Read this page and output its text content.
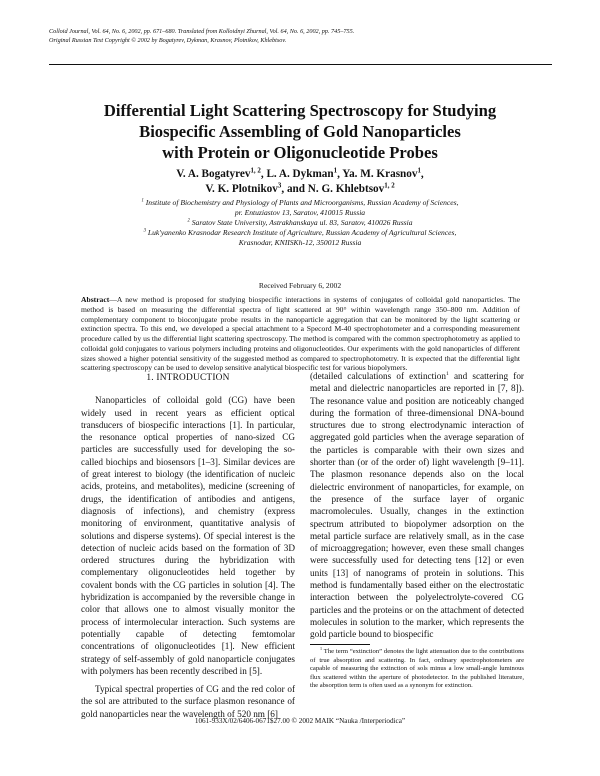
Colloid Journal, Vol. 64, No. 6, 2002, pp. 671–680. Translated from Kolloidnyi Zhurnal, Vol. 64, No. 6, 2002, pp. 745–755.
Original Russian Text Copyright © 2002 by Bogatyrev, Dykman, Krasnov, Plotnikov, Khlebtsov.
Differential Light Scattering Spectroscopy for Studying
Biospecific Assembling of Gold Nanoparticles
with Protein or Oligonucleotide Probes
V. A. Bogatyrev$^{1, 2}$, L. A. Dykman$^1$, Ya. M. Krasnov$^1$,
V. K. Plotnikov$^3$, and N. G. Khlebtsov$^{1, 2}$
$^1$ Institute of Biochemistry and Physiology of Plants and Microorganisms, Russian Academy of Sciences,
pr. Entuziastov 13, Saratov, 410015 Russia
$^2$ Saratov State University, Astrakhanskaya ul. 83, Saratov, 410026 Russia
$^3$ Luk'yanenko Krasnodar Research Institute of Agriculture, Russian Academy of Agricultural Sciences,
Krasnodar, KNIISKh-12, 350012 Russia
Received February 6, 2002
Abstract—A new method is proposed for studying biospecific interactions in systems of conjugates of colloidal gold nanoparticles. The method is based on measuring the differential spectra of light scattered at 90° within wavelength range 350–800 nm. Addition of complementary component to bioconjugate probe results in the nanoparticle aggregation that can be monitored by the light scattering or extinction spectra. To this end, we developed a special attachment to a Specord M-40 spectrophotometer and a corresponding measurement procedure called by us the differential light scattering spectroscopy. The method is compared with the common spectrophotometry as applied to colloidal gold conjugates to various polymers including proteins and oligonucleotides. Our experiments with the gold nanoparticles of different sizes showed a higher potential sensitivity of the suggested method as compared to spectrophotometry. It is expected that the differential light scattering spectroscopy can be used to develop sensitive analytical biospecific test for various biopolymers.
1. INTRODUCTION

Nanoparticles of colloidal gold (CG) have been widely used in recent years as efficient optical transducers of biospecific interactions [1]. In particular, the resonance optical properties of nano-sized CG particles are successfully used for developing the so-called biochips and biosensors [1–3]. Similar devices are of great interest to biology (the identification of nucleic acids, proteins, and metabolites), medicine (screening of drugs, the identification of antibodies and antigens, diagnosis of infections), and chemistry (express monitoring of environment, quantitative analysis of solutions and disperse systems). Of special interest is the detection of nucleic acids based on the formation of 3D ordered structures during the hybridization with complementary oligonucleotides held together by covalent bonds with the CG particles in solution [4]. The hybridization is accompanied by the reversible change in color that allows one to almost visually monitor the process of intermolecular interaction. Such systems are potentially capable of detecting femtomolar concentrations of oligonucleotides [1]. New efficient strategy of self-assembly of gold nanoparticle conjugates with polymers has been recently described in [5].

Typical spectral properties of CG and the red color of the sol are attributed to the surface plasmon resonance of gold nanoparticles near the wavelength of 520 nm [6]

(detailed calculations of extinction$^1$ and scattering for metal and dielectric nanoparticles are reported in [7, 8]). The resonance value and position are noticeably changed during the formation of three-dimensional DNA-bound structures due to strong electrodynamic interaction of aggregated gold particles when the average separation of the particles is comparable with their own sizes and shorter than (or of the order of) light wavelength [9–11]. The plasmon resonance depends also on the local dielectric environment of nanoparticles, for example, on the presence of the surface layer of organic macromolecules. Usually, changes in the extinction spectrum attributed to biopolymer adsorption on the metal particle surface are relatively small, as in the case of microaggregation; however, even these small changes were successfully used for detecting tens [12] or even units [13] of nanograms of protein in solutions. This method is fundamentally based either on the electrostatic interaction between the polyelectrolyte-covered CG particles and the proteins or on the attachment of detected molecules in solution to the marker, which represents the gold particle bound to biospecific

$^1$ The term “extinction” denotes the light attenuation due to the contributions of true absorption and scattering. In fact, ordinary spectrophotometers are capable of measuring the extinction of sols minus a low small-angle luminous flux scattered within the aperture of photodetector. In the published literature, the absorption term is often used as a synonym for extinction.

1061-933X/02/6406-0671$27.00 © 2002 MAIK “Nauka /Interperiodica”
